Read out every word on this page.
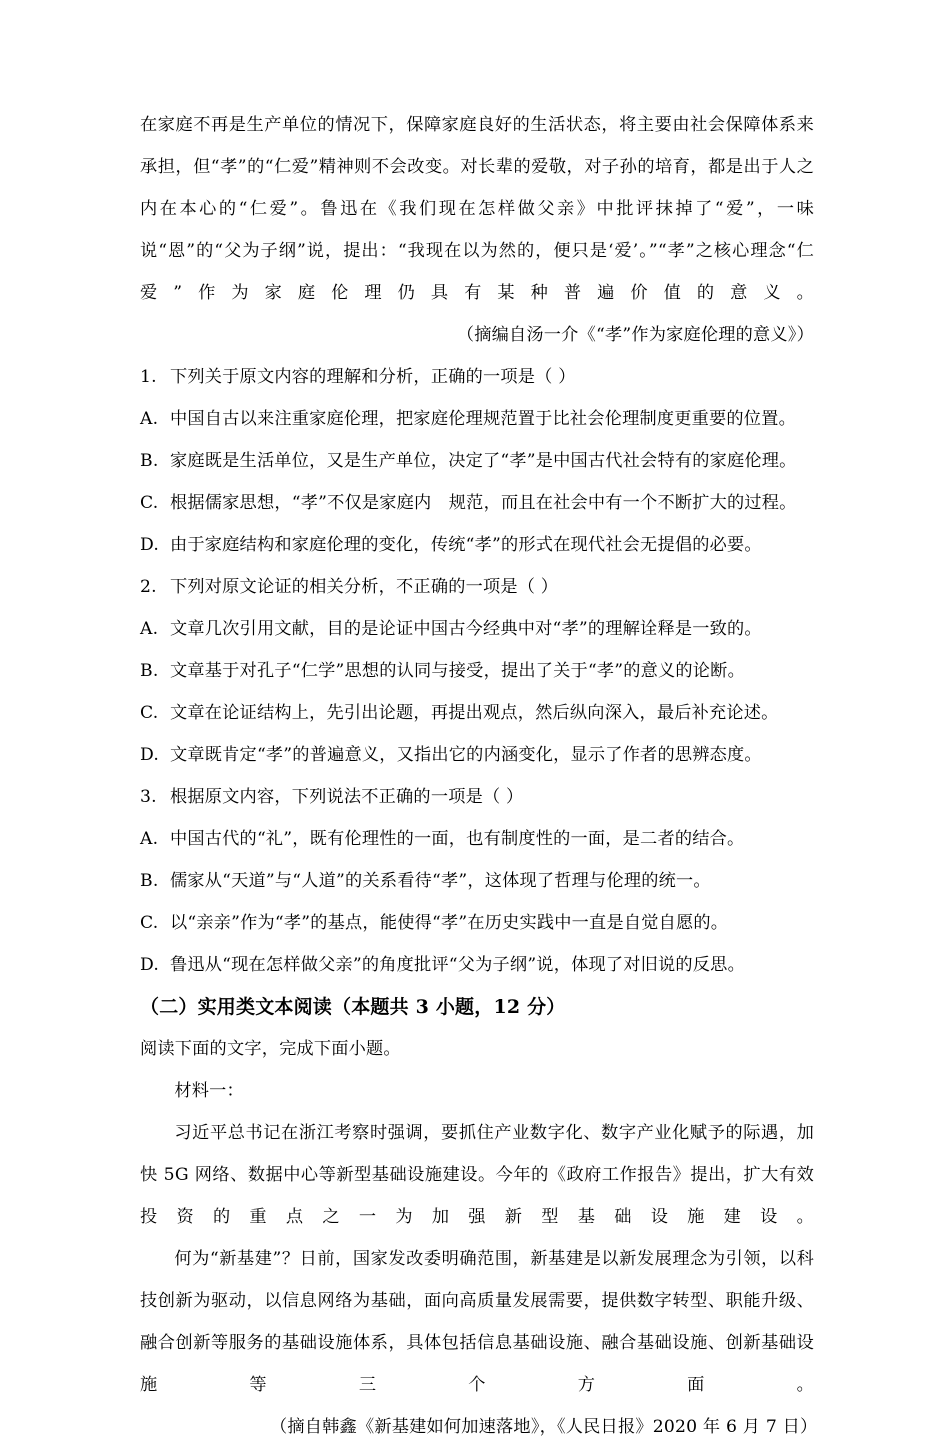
在家庭不再是生产单位的情况下，保障家庭良好的生活状态，将主要由社会保障体系来承担，但“孝”的“仁爱”精神则不会改变。对长辈的爱敬，对子孙的培育，都是出于人之内在本心的“仁爱”。鲁迅在《我们现在怎样做父亲》中批评抹掉了“爱”，一味说“恩”的“父为子纲”说，提出：“我现在以为然的，便只是‘爱’。”“孝”之核心理念“仁爱”作为家庭伦理仍具有某种普遍价值的意义。

（摘编自汤一介《“孝”作为家庭伦理的意义》）

1. 下列关于原文内容的理解和分析，正确的一项是（ ）
A. 中国自古以来注重家庭伦理，把家庭伦理规范置于比社会伦理制度更重要的位置。
B. 家庭既是生活单位，又是生产单位，决定了“孝”是中国古代社会特有的家庭伦理。
C. 根据儒家思想，“孝”不仅是家庭内　规范，而且在社会中有一个不断扩大的过程。
D. 由于家庭结构和家庭伦理的变化，传统“孝”的形式在现代社会无提倡的必要。
2. 下列对原文论证的相关分析，不正确的一项是（ ）
A. 文章几次引用文献，目的是论证中国古今经典中对“孝”的理解诠释是一致的。
B. 文章基于对孔子“仁学”思想的认同与接受，提出了关于“孝”的意义的论断。
C. 文章在论证结构上，先引出论题，再提出观点，然后纵向深入，最后补充论述。
D. 文章既肯定“孝”的普遍意义，又指出它的内涵变化，显示了作者的思辨态度。
3. 根据原文内容，下列说法不正确的一项是（ ）
A. 中国古代的“礼”，既有伦理性的一面，也有制度性的一面，是二者的结合。
B. 儒家从“天道”与“人道”的关系看待“孝”，这体现了哲理与伦理的统一。
C. 以“亲亲”作为“孝”的基点，能使得“孝”在历史实践中一直是自觉自愿的。
D. 鲁迅从“现在怎样做父亲”的角度批评“父为子纲”说，体现了对旧说的反思。

（二）实用类文本阅读（本题共 3 小题，12 分）

阅读下面的文字，完成下面小题。

材料一：

习近平总书记在浙江考察时强调，要抓住产业数字化、数字产业化赋予的际遇，加快 5G 网络、数据中心等新型基础设施建设。今年的《政府工作报告》提出，扩大有效投资的重点之一为加强新型基础设施建设。

何为“新基建”？日前，国家发改委明确范围，新基建是以新发展理念为引领，以科技创新为驱动，以信息网络为基础，面向高质量发展需要，提供数字转型、职能升级、融合创新等服务的基础设施体系，具体包括信息基础设施、融合基础设施、创新基础设施等三个方面。

（摘自韩鑫《新基建如何加速落地》，《人民日报》2020 年 6 月 7 日）
